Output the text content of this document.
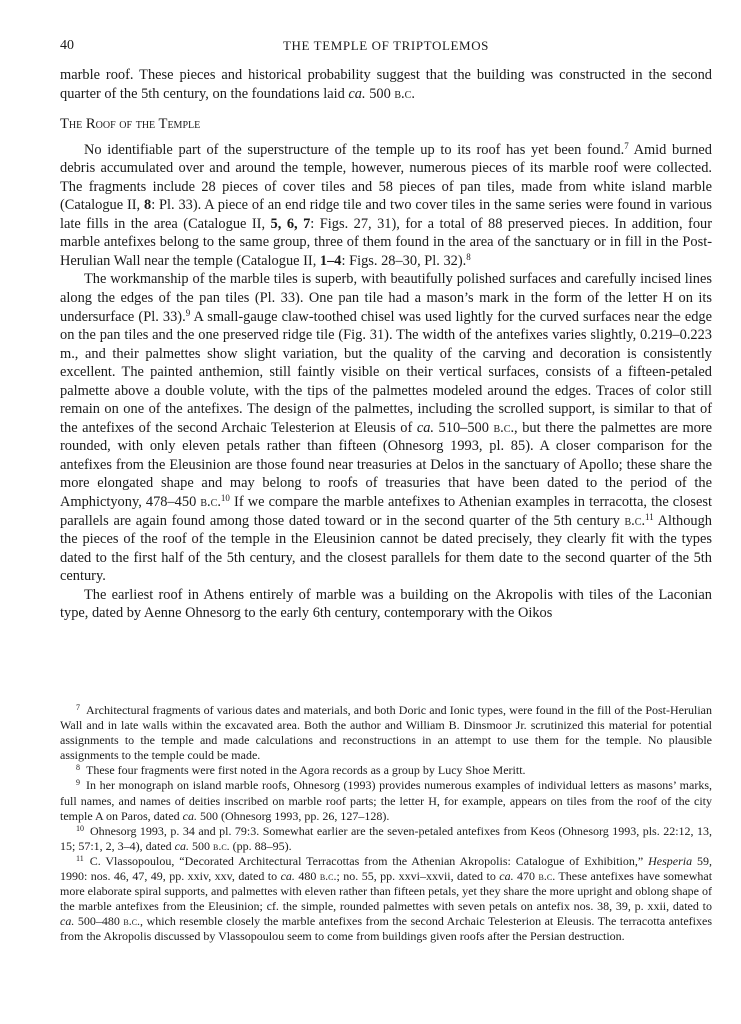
40	THE TEMPLE OF TRIPTOLEMOS

marble roof. These pieces and historical probability suggest that the building was constructed in the second quarter of the 5th century, on the foundations laid ca. 500 b.c.

The Roof of the Temple

No identifiable part of the superstructure of the temple up to its roof has yet been found.$^7$ Amid burned debris accumulated over and around the temple, however, numerous pieces of its marble roof were collected. The fragments include 28 pieces of cover tiles and 58 pieces of pan tiles, made from white island marble (Catalogue II, 8: Pl. 33). A piece of an end ridge tile and two cover tiles in the same series were found in various late fills in the area (Catalogue II, 5, 6, 7: Figs. 27, 31), for a total of 88 preserved pieces. In addition, four marble antefixes belong to the same group, three of them found in the area of the sanctuary or in fill in the Post-Herulian Wall near the temple (Catalogue II, 1–4: Figs. 28–30, Pl. 32).$^8$

The workmanship of the marble tiles is superb, with beautifully polished surfaces and carefully incised lines along the edges of the pan tiles (Pl. 33). One pan tile had a mason’s mark in the form of the letter H on its undersurface (Pl. 33).$^9$ A small-gauge claw-toothed chisel was used lightly for the curved surfaces near the edge on the pan tiles and the one preserved ridge tile (Fig. 31). The width of the antefixes varies slightly, 0.219–0.223 m., and their palmettes show slight variation, but the quality of the carving and decoration is consistently excellent. The painted anthemion, still faintly visible on their vertical surfaces, consists of a fifteen-petaled palmette above a double volute, with the tips of the palmettes modeled around the edges. Traces of color still remain on one of the antefixes. The design of the palmettes, including the scrolled support, is similar to that of the antefixes of the second Archaic Telesterion at Eleusis of ca. 510–500 b.c., but there the palmettes are more rounded, with only eleven petals rather than fifteen (Ohnesorg 1993, pl. 85). A closer comparison for the antefixes from the Eleusinion are those found near treasuries at Delos in the sanctuary of Apollo; these share the more elongated shape and may belong to roofs of treasuries that have been dated to the period of the Amphictyony, 478–450 b.c.$^{10}$ If we compare the marble antefixes to Athenian examples in terracotta, the closest parallels are again found among those dated toward or in the second quarter of the 5th century b.c.$^{11}$ Although the pieces of the roof of the temple in the Eleusinion cannot be dated precisely, they clearly fit with the types dated to the first half of the 5th century, and the closest parallels for them date to the second quarter of the 5th century.

The earliest roof in Athens entirely of marble was a building on the Akropolis with tiles of the Laconian type, dated by Aenne Ohnesorg to the early 6th century, contemporary with the Oikos

$^7$ Architectural fragments of various dates and materials, and both Doric and Ionic types, were found in the fill of the Post-Herulian Wall and in late walls within the excavated area. Both the author and William B. Dinsmoor Jr. scrutinized this material for potential assignments to the temple and made calculations and reconstructions in an attempt to use them for the temple. No plausible assignments to the temple could be made.

$^8$ These four fragments were first noted in the Agora records as a group by Lucy Shoe Meritt.

$^9$ In her monograph on island marble roofs, Ohnesorg (1993) provides numerous examples of individual letters as masons’ marks, full names, and names of deities inscribed on marble roof parts; the letter H, for example, appears on tiles from the roof of the city temple A on Paros, dated ca. 500 (Ohnesorg 1993, pp. 26, 127–128).

$^{10}$ Ohnesorg 1993, p. 34 and pl. 79:3. Somewhat earlier are the seven-petaled antefixes from Keos (Ohnesorg 1993, pls. 22:12, 13, 15; 57:1, 2, 3–4), dated ca. 500 b.c. (pp. 88–95).

$^{11}$ C. Vlassopoulou, “Decorated Architectural Terracottas from the Athenian Akropolis: Catalogue of Exhibition,” Hesperia 59, 1990: nos. 46, 47, 49, pp. xxiv, xxv, dated to ca. 480 b.c.; no. 55, pp. xxvi–xxvii, dated to ca. 470 b.c. These antefixes have somewhat more elaborate spiral supports, and palmettes with eleven rather than fifteen petals, yet they share the more upright and oblong shape of the marble antefixes from the Eleusinion; cf. the simple, rounded palmettes with seven petals on antefix nos. 38, 39, p. xxii, dated to ca. 500–480 b.c., which resemble closely the marble antefixes from the second Archaic Telesterion at Eleusis. The terracotta antefixes from the Akropolis discussed by Vlassopoulou seem to come from buildings given roofs after the Persian destruction.
